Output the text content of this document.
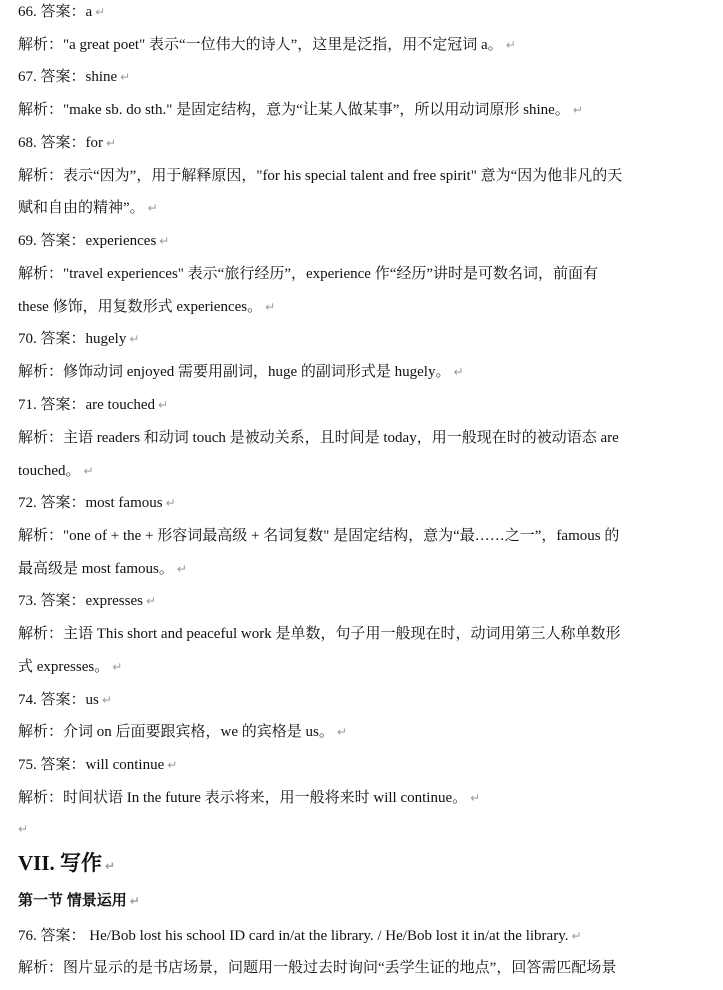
66. 答案：a ↵
解析："a great poet" 表示“一位伟大的诗人”，这里是泛指，用不定冠词 a。 ↵
67. 答案：shine ↵
解析："make sb. do sth." 是固定结构，意为“让某人做某事”，所以用动词原形 shine。 ↵
68. 答案：for ↵
解析：表示“因为”，用于解释原因，"for his special talent and free spirit" 意为“因为他非凡的天
赋和自由的精神”。 ↵
69. 答案：experiences ↵
解析："travel experiences" 表示“旅行经历”，experience 作“经历”讲时是可数名词，前面有
these 修饰，用复数形式 experiences。 ↵
70. 答案：hugely ↵
解析：修饰动词 enjoyed 需要用副词，huge 的副词形式是 hugely。 ↵
71. 答案：are touched ↵
解析：主语 readers 和动词 touch 是被动关系，且时间是 today，用一般现在时的被动语态 are
touched。 ↵
72. 答案：most famous ↵
解析："one of + the + 形容词最高级 + 名词复数" 是固定结构，意为“最……之一”，famous 的
最高级是 most famous。 ↵
73. 答案：expresses ↵
解析：主语 This short and peaceful work 是单数，句子用一般现在时，动词用第三人称单数形
式 expresses。 ↵
74. 答案：us ↵
解析：介词 on 后面要跟宾格，we 的宾格是 us。 ↵
75. 答案：will continue ↵
解析：时间状语 In the future 表示将来，用一般将来时 will continue。 ↵
↵
VII. 写作 ↵
第一节 情景运用 ↵
76. 答案： He/Bob lost his school ID card in/at the library. / He/Bob lost it in/at the library. ↵
解析：图片显示的是书店场景，问题用一般过去时询问“丢学生证的地点”，回答需匹配场景
